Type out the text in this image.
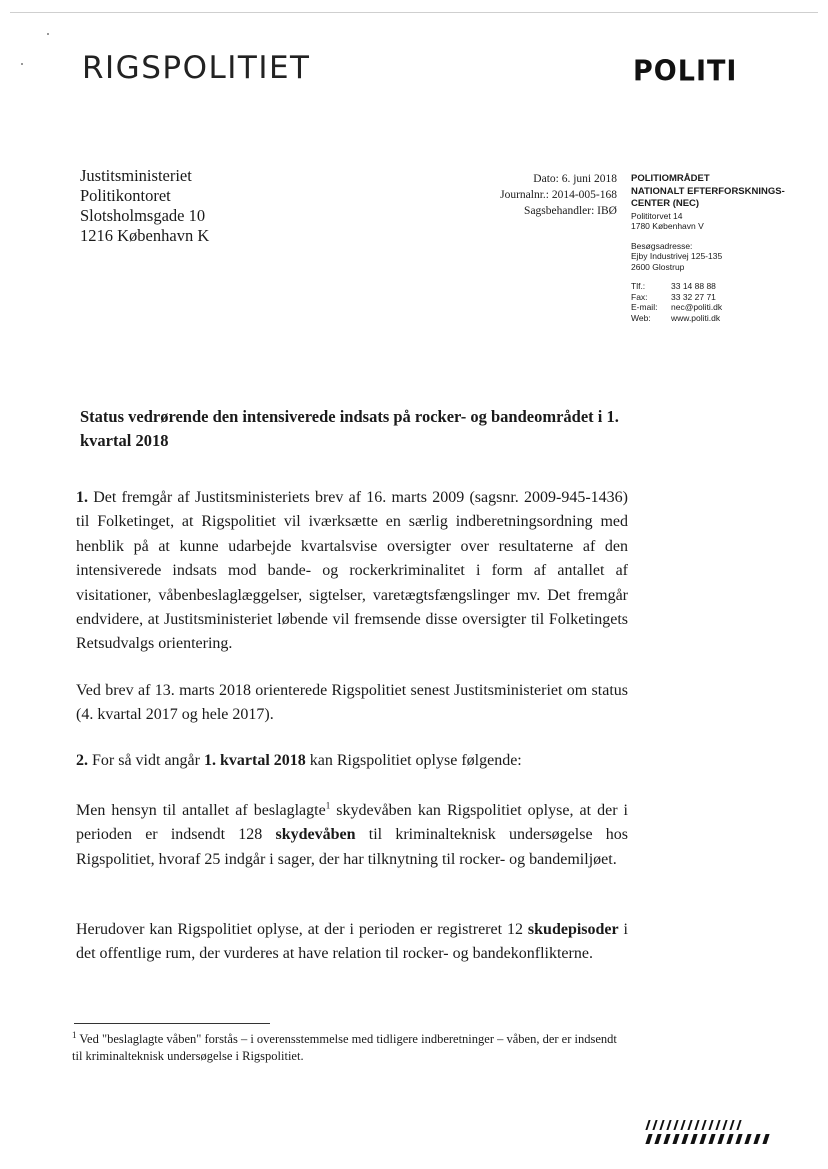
RIGSPOLITIET	POLITI
Justitsministeriet
Politikontoret
Slotsholmsgade 10
1216 København K
Dato: 6. juni 2018
Journalnr.: 2014-005-168
Sagsbehandler: IBØ
POLITIOMRÅDET
NATIONALT EFTERFORSKNINGS-
CENTER (NEC)
Polititorvet 14
1780 København V
Besøgsadresse:
Ejby Industrivej 125-135
2600 Glostrup
Tlf.:	33 14 88 88
Fax:	33 32 27 71
E-mail:	nec@politi.dk
Web:	www.politi.dk
Status vedrørende den intensiverede indsats på rocker- og bandeområdet i 1. kvartal 2018
1. Det fremgår af Justitsministeriets brev af 16. marts 2009 (sagsnr. 2009-945-1436) til Folketinget, at Rigspolitiet vil iværksætte en særlig indberetningsordning med henblik på at kunne udarbejde kvartalsvise oversigter over resultaterne af den intensiverede indsats mod bande- og rockerkriminalitet i form af antallet af visitationer, våbenbeslaglæggelser, sigtelser, varetægtsfængslinger mv. Det fremgår endvidere, at Justitsministeriet løbende vil fremsende disse oversigter til Folketingets Retsudvalgs orientering.
Ved brev af 13. marts 2018 orienterede Rigspolitiet senest Justitsministeriet om status (4. kvartal 2017 og hele 2017).
2. For så vidt angår 1. kvartal 2018 kan Rigspolitiet oplyse følgende:
Men hensyn til antallet af beslaglagte$^1$ skydevåben kan Rigspolitiet oplyse, at der i perioden er indsendt 128 skydevåben til kriminalteknisk undersøgelse hos Rigspolitiet, hvoraf 25 indgår i sager, der har tilknytning til rocker- og bandemiljøet.
Herudover kan Rigspolitiet oplyse, at der i perioden er registreret 12 skudepisoder i det offentlige rum, der vurderes at have relation til rocker- og bandekonflikterne.
$^1$ Ved "beslaglagte våben" forstås – i overensstemmelse med tidligere indberetninger – våben, der er indsendt til kriminalteknisk undersøgelse i Rigspolitiet.
